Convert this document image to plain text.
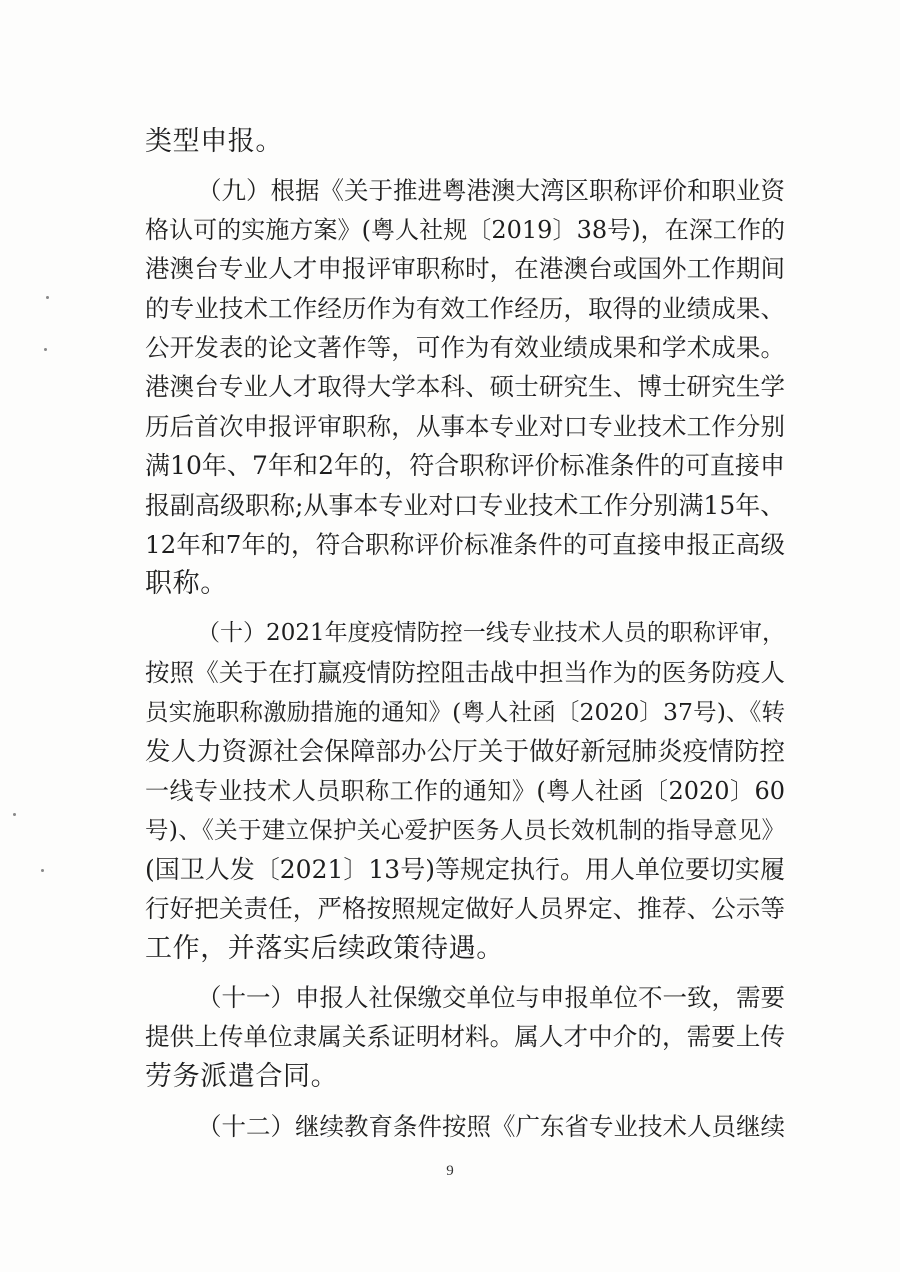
类型申报。
（九）根据《关于推进粤港澳大湾区职称评价和职业资
格认可的实施方案》(粤人社规〔2019〕38号)，在深工作的
港澳台专业人才申报评审职称时，在港澳台或国外工作期间
的专业技术工作经历作为有效工作经历，取得的业绩成果、
公开发表的论文著作等，可作为有效业绩成果和学术成果。
港澳台专业人才取得大学本科、硕士研究生、博士研究生学
历后首次申报评审职称，从事本专业对口专业技术工作分别
满10年、7年和2年的，符合职称评价标准条件的可直接申
报副高级职称;从事本专业对口专业技术工作分别满15年、
12年和7年的，符合职称评价标准条件的可直接申报正高级
职称。
（十）2021年度疫情防控一线专业技术人员的职称评审，
按照《关于在打赢疫情防控阻击战中担当作为的医务防疫人
员实施职称激励措施的通知》(粤人社函〔2020〕37号)、《转
发人力资源社会保障部办公厅关于做好新冠肺炎疫情防控
一线专业技术人员职称工作的通知》(粤人社函〔2020〕60
号)、《关于建立保护关心爱护医务人员长效机制的指导意见》
(国卫人发〔2021〕13号)等规定执行。用人单位要切实履
行好把关责任，严格按照规定做好人员界定、推荐、公示等
工作，并落实后续政策待遇。
（十一）申报人社保缴交单位与申报单位不一致，需要
提供上传单位隶属关系证明材料。属人才中介的，需要上传
劳务派遣合同。
（十二）继续教育条件按照《广东省专业技术人员继续
9
